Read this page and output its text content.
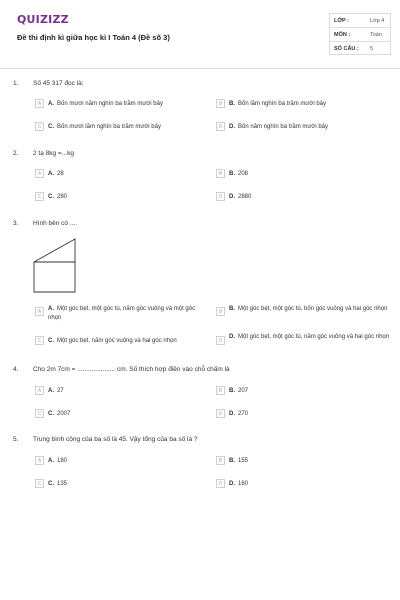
QUIZIZZ
Đề thi định kì giữa học kì I Toán 4 (Đề số 3)
LỚP :	Lớp 4
MÔN :	Toán
SỐ CÂU : 5
1. Số 45 317 đọc là:
A	A. Bốn mươi năm nghìn ba trăm mười bảy	B	B. Bốn lăm nghìn ba trăm mười bảy
C	C. Bốn mươi lăm nghìn ba trăm mười bảy	D	D. Bốn năm nghìn ba trăm mười bảy
2. 2 tạ 8kg =...kg
A	A. 28	B	B. 208
C	C. 280	D	D. 2880
3. Hình bên có ....
A	A. Một góc bẹt, một góc tù, năm góc vuông và một góc nhọn
B	B. Một góc bẹt, một góc tù, bốn góc vuông và hai góc nhọn
C	C. Một góc bẹt, năm góc vuông và hai góc nhọn	D
D. Một góc bẹt, một góc tù, năm góc vuông và hai góc nhọn
4. Cho 2m 7cm = ..................... cm. Số thích hợp điền vào chỗ chấm là
A	A. 27	B	B. 207
C	C. 2007	D	D. 270
5. Trung bình cộng của ba số là 45. Vậy tổng của ba số là ?
A	A. 180	B	B. 155
C	C. 135	D	D. 160
